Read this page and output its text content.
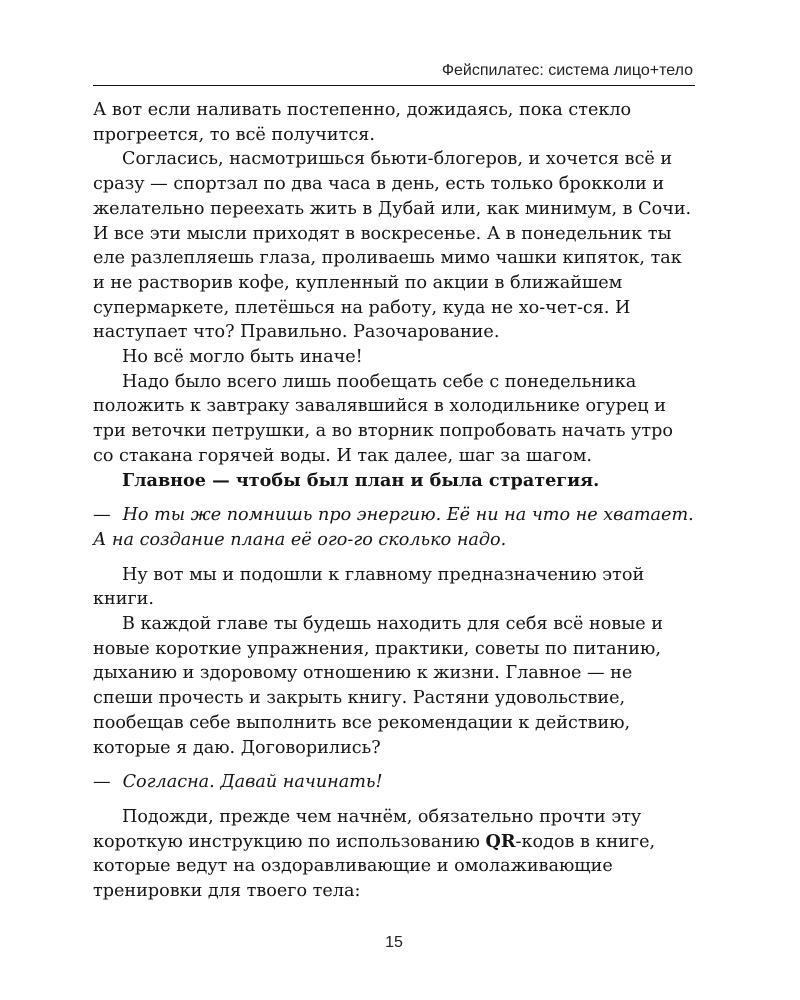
Фейспилатес: система лицо+тело

А вот если наливать постепенно, дожидаясь, пока стекло прогреется, то всё получится.

Согласись, насмотришься бьюти-блогеров, и хочется всё и сразу — спортзал по два часа в день, есть только брокколи и желательно переехать жить в Дубай или, как минимум, в Сочи. И все эти мысли приходят в воскресенье. А в понедельник ты еле разлепляешь глаза, проливаешь мимо чашки кипяток, так и не растворив кофе, купленный по акции в ближайшем супермаркете, плетёшься на работу, куда не хо-чет-ся. И наступает что? Правильно. Разочарование.

Но всё могло быть иначе!

Надо было всего лишь пообещать себе с понедельника положить к завтраку завалявшийся в холодильнике огурец и три веточки петрушки, а во вторник попробовать начать утро со стакана горячей воды. И так далее, шаг за шагом.

Главное — чтобы был план и была стратегия.

— Но ты же помнишь про энергию. Её ни на что не хватает. А на создание плана её ого-го сколько надо.

Ну вот мы и подошли к главному предназначению этой книги.

В каждой главе ты будешь находить для себя всё новые и новые короткие упражнения, практики, советы по питанию, дыханию и здоровому отношению к жизни. Главное — не спеши прочесть и закрыть книгу. Растяни удовольствие, пообещав себе выполнить все рекомендации к действию, которые я даю. Договорились?

— Согласна. Давай начинать!

Подожди, прежде чем начнём, обязательно прочти эту короткую инструкцию по использованию QR-кодов в книге, которые ведут на оздоравливающие и омолаживающие тренировки для твоего тела:

15
